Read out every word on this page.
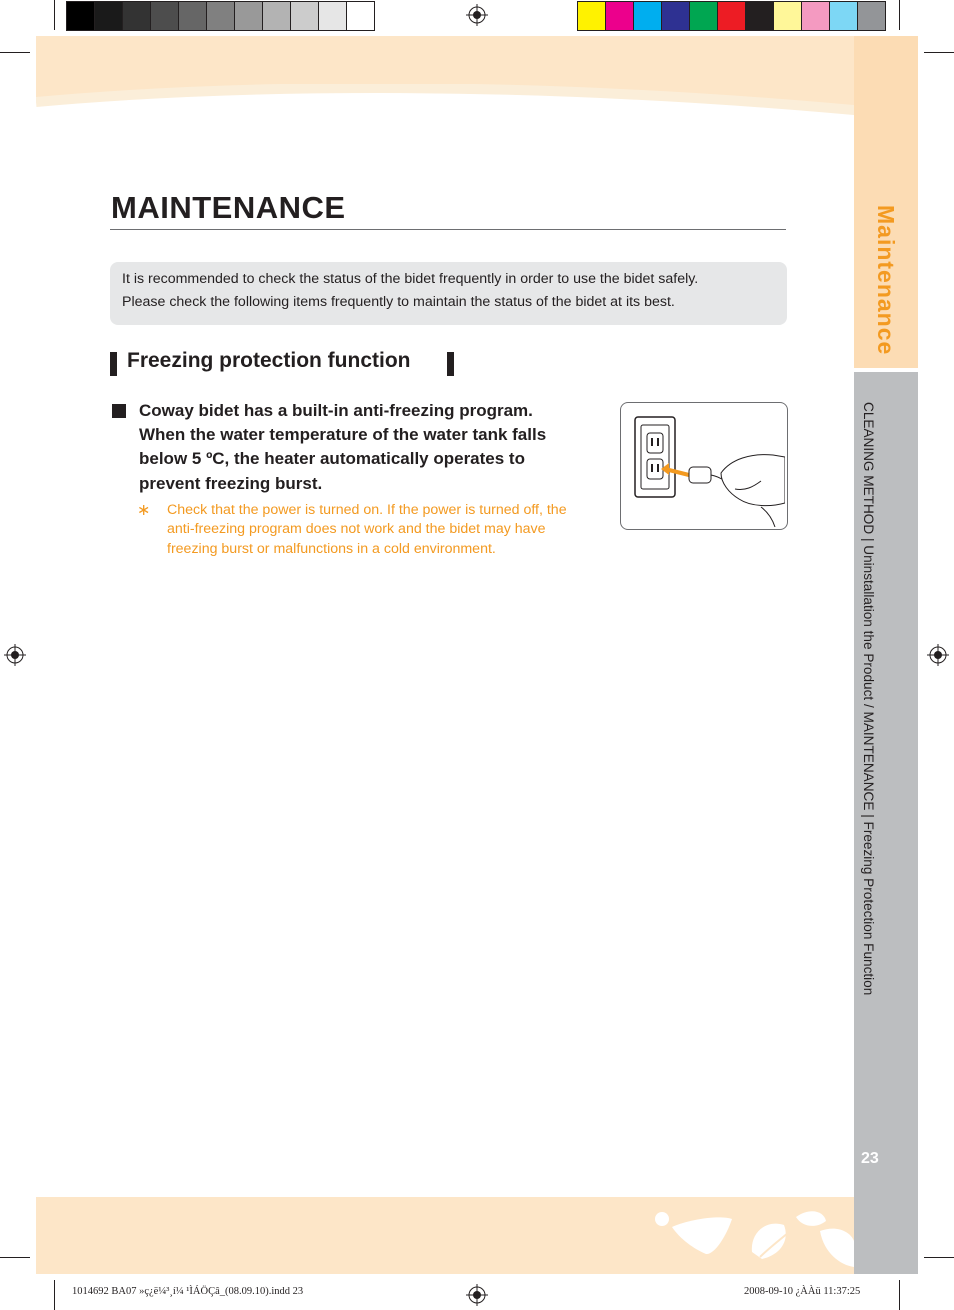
Maintenance
CLEANING METHOD | Uninstallation the Product / MAINTENANCE | Freezing Protection Function
23
MAINTENANCE
It is recommended to check the status of the bidet frequently in order to use the bidet safely.
Please check the following items frequently to maintain the status of the bidet at its best.
Freezing protection function
Coway bidet has a built-in anti-freezing program.
When the water temperature of the water tank falls
below 5 ºC, the heater automatically operates to
prevent freezing burst.
∗ Check that the power is turned on. If the power is turned off, the
anti-freezing program does not work and the bidet may have
freezing burst or malfunctions in a cold environment.
1014692 BA07 »ç¿ë¼³¸í¼ ¹ÌÁÖÇâ_(08.09.10).indd 23	2008-09-10 ¿ÀÀü 11:37:25
